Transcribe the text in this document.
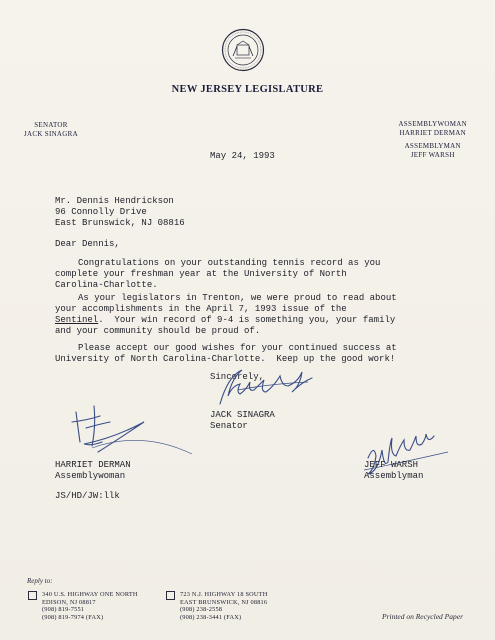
NEW JERSEY LEGISLATURE
SENATOR
JACK SINAGRA
ASSEMBLYWOMAN
HARRIET DERMAN
ASSEMBLYMAN
JEFF WARSH
May 24, 1993
Mr. Dennis Hendrickson
96 Connolly Drive
East Brunswick, NJ 08816
Dear Dennis,
Congratulations on your outstanding tennis record as you
complete your freshman year at the University of North
Carolina-Charlotte.
As your legislators in Trenton, we were proud to read about
your accomplishments in the April 7, 1993 issue of the
Sentinel.  Your win record of 9-4 is something you, your family
and your community should be proud of.
Please accept our good wishes for your continued success at
University of North Carolina-Charlotte.  Keep up the good work!
Sincerely,
JACK SINAGRA
Senator
HARRIET DERMAN
Assemblywoman
JEFF WARSH
Assemblyman
JS/HD/JW:llk
Reply to:
340 U.S. HIGHWAY ONE NORTH
EDISON, NJ 08817
(908) 819-7551
(908) 819-7974 (FAX)
723 N.J. HIGHWAY 18 SOUTH
EAST BRUNSWICK, NJ 08816
(908) 238-2558
(908) 238-3441 (FAX)	Printed on Recycled Paper
